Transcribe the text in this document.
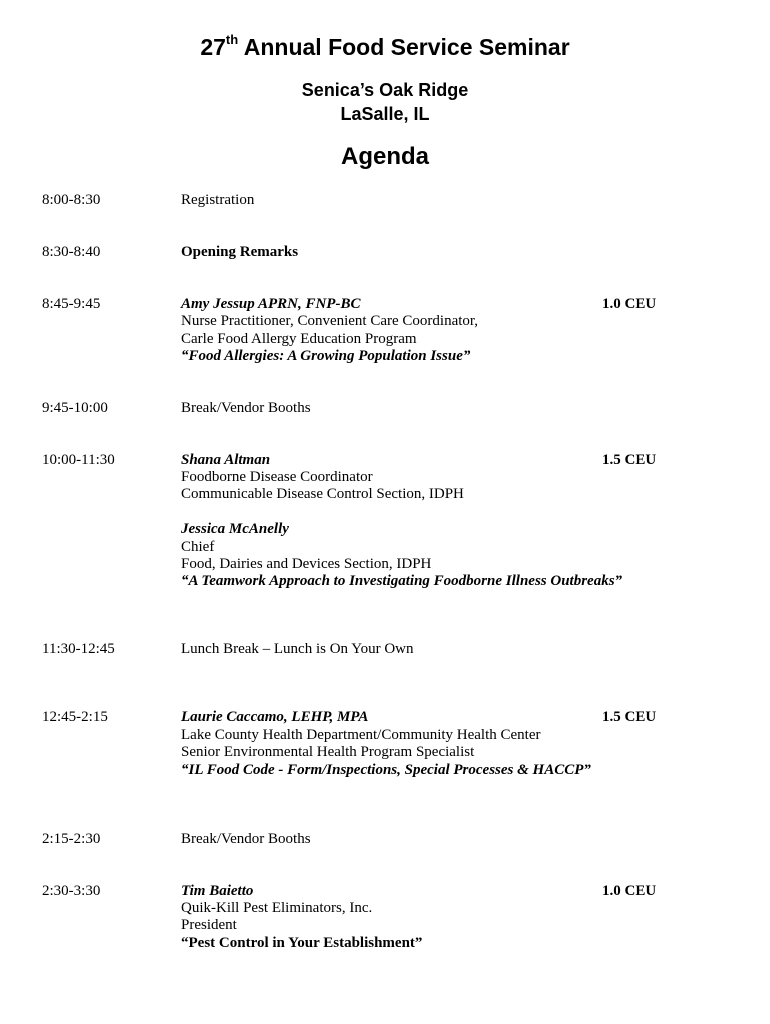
27th Annual Food Service Seminar
Senica’s Oak Ridge
LaSalle, IL
Agenda
8:00-8:30	Registration
8:30-8:40	Opening Remarks
8:45-9:45	Amy Jessup APRN, FNP-BC	1.0 CEU
Nurse Practitioner, Convenient Care Coordinator,
Carle Food Allergy Education Program
“Food Allergies: A Growing Population Issue”
9:45-10:00	Break/Vendor Booths
10:00-11:30	Shana Altman	1.5 CEU
Foodborne Disease Coordinator
Communicable Disease Control Section, IDPH
Jessica McAnelly
Chief
Food, Dairies and Devices Section, IDPH
“A Teamwork Approach to Investigating Foodborne Illness Outbreaks”
11:30-12:45	Lunch Break – Lunch is On Your Own
12:45-2:15	Laurie Caccamo, LEHP, MPA	1.5 CEU
Lake County Health Department/Community Health Center
Senior Environmental Health Program Specialist
“IL Food Code - Form/Inspections, Special Processes & HACCP”
2:15-2:30	Break/Vendor Booths
2:30-3:30	Tim Baietto	1.0 CEU
Quik-Kill Pest Eliminators, Inc.
President
“Pest Control in Your Establishment”
